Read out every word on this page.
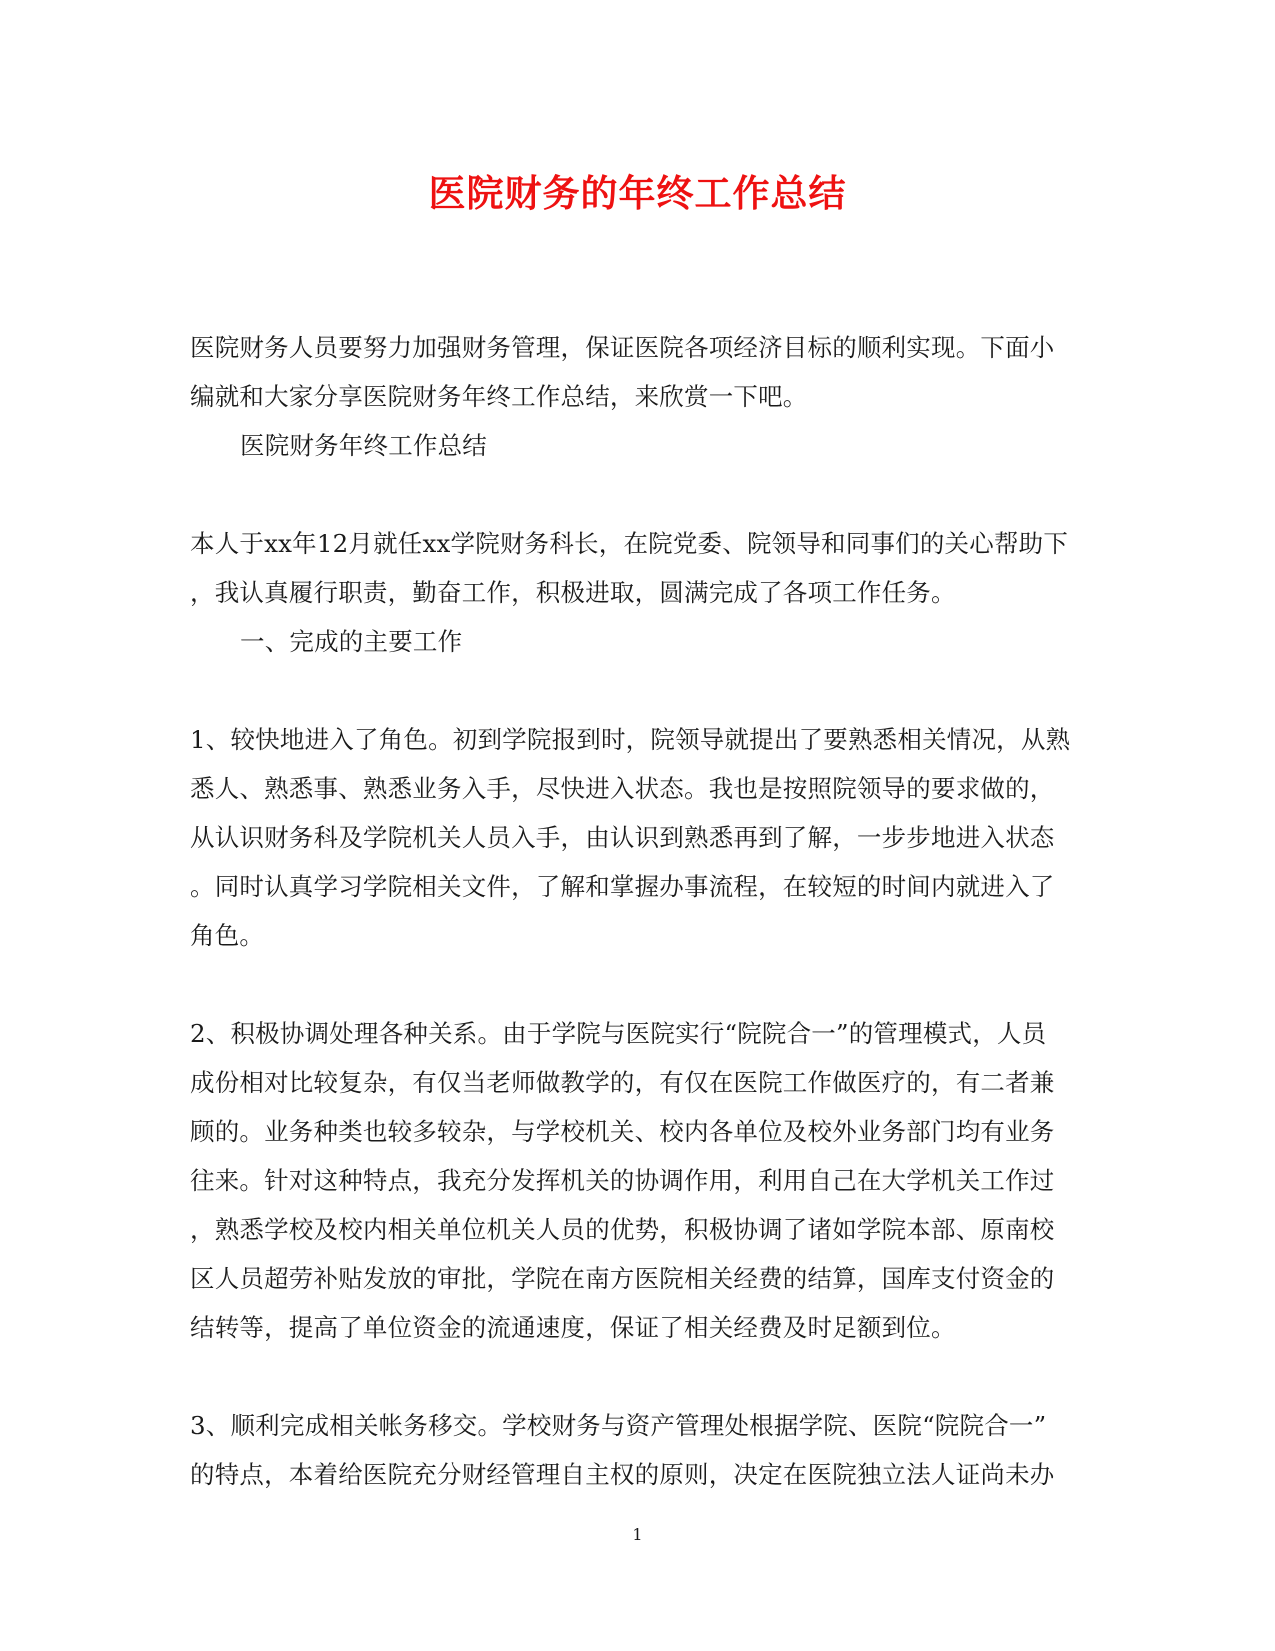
医院财务的年终工作总结
医院财务人员要努力加强财务管理，保证医院各项经济目标的顺利实现。下面小
编就和大家分享医院财务年终工作总结，来欣赏一下吧。
医院财务年终工作总结
本人于xx年12月就任xx学院财务科长，在院党委、院领导和同事们的关心帮助下
，我认真履行职责，勤奋工作，积极进取，圆满完成了各项工作任务。
一、完成的主要工作
1、较快地进入了角色。初到学院报到时，院领导就提出了要熟悉相关情况，从熟
悉人、熟悉事、熟悉业务入手，尽快进入状态。我也是按照院领导的要求做的，
从认识财务科及学院机关人员入手，由认识到熟悉再到了解，一步步地进入状态
。同时认真学习学院相关文件，了解和掌握办事流程，在较短的时间内就进入了
角色。
2、积极协调处理各种关系。由于学院与医院实行“院院合一”的管理模式，人员
成份相对比较复杂，有仅当老师做教学的，有仅在医院工作做医疗的，有二者兼
顾的。业务种类也较多较杂，与学校机关、校内各单位及校外业务部门均有业务
往来。针对这种特点，我充分发挥机关的协调作用，利用自己在大学机关工作过
，熟悉学校及校内相关单位机关人员的优势，积极协调了诸如学院本部、原南校
区人员超劳补贴发放的审批，学院在南方医院相关经费的结算，国库支付资金的
结转等，提高了单位资金的流通速度，保证了相关经费及时足额到位。
3、顺利完成相关帐务移交。学校财务与资产管理处根据学院、医院“院院合一”
的特点，本着给医院充分财经管理自主权的原则，决定在医院独立法人证尚未办
1
